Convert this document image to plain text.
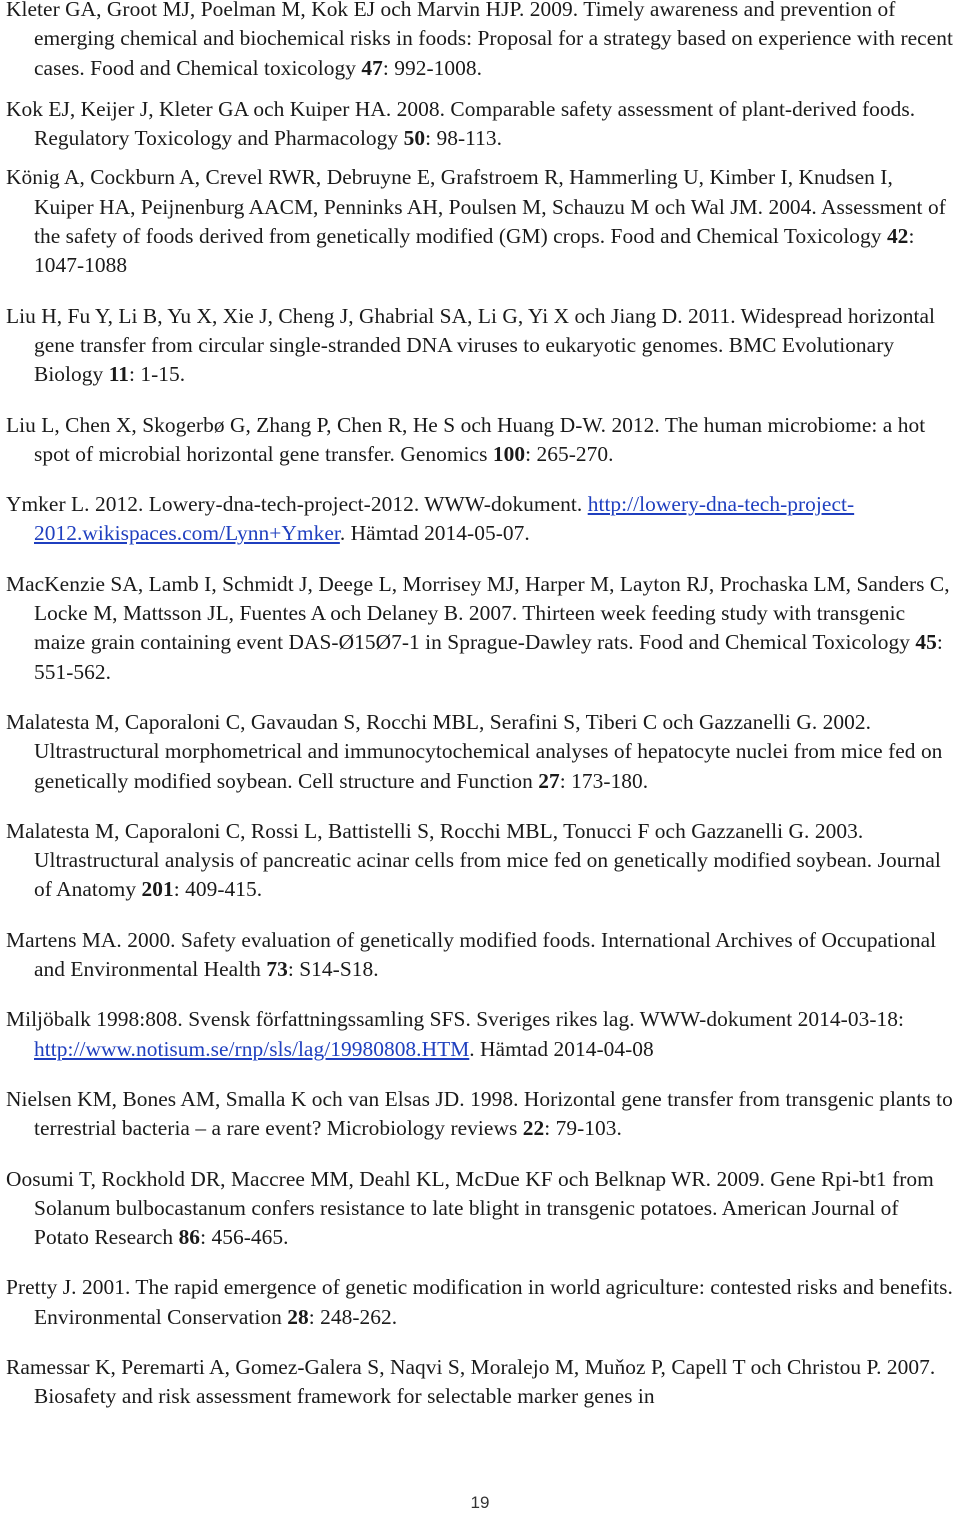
Kleter GA, Groot MJ, Poelman M, Kok EJ och Marvin HJP. 2009. Timely awareness and prevention of emerging chemical and biochemical risks in foods: Proposal for a strategy based on experience with recent cases. Food and Chemical toxicology 47: 992-1008.

Kok EJ, Keijer J, Kleter GA och Kuiper HA. 2008. Comparable safety assessment of plant-derived foods. Regulatory Toxicology and Pharmacology 50: 98-113.

König A, Cockburn A, Crevel RWR, Debruyne E, Grafstroem R, Hammerling U, Kimber I, Knudsen I, Kuiper HA, Peijnenburg AACM, Penninks AH, Poulsen M, Schauzu M och Wal JM. 2004. Assessment of the safety of foods derived from genetically modified (GM) crops. Food and Chemical Toxicology 42: 1047-1088

Liu H, Fu Y, Li B, Yu X, Xie J, Cheng J, Ghabrial SA, Li G, Yi X och Jiang D. 2011. Widespread horizontal gene transfer from circular single-stranded DNA viruses to eukaryotic genomes. BMC Evolutionary Biology 11: 1-15.

Liu L, Chen X, Skogerbø G, Zhang P, Chen R, He S och Huang D-W. 2012. The human microbiome: a hot spot of microbial horizontal gene transfer. Genomics 100: 265-270.

Ymker L. 2012. Lowery-dna-tech-project-2012. WWW-dokument. http://lowery-dna-tech-project-2012.wikispaces.com/Lynn+Ymker. Hämtad 2014-05-07.

MacKenzie SA, Lamb I, Schmidt J, Deege L, Morrisey MJ, Harper M, Layton RJ, Prochaska LM, Sanders C, Locke M, Mattsson JL, Fuentes A och Delaney B. 2007. Thirteen week feeding study with transgenic maize grain containing event DAS-Ø15Ø7-1 in Sprague-Dawley rats. Food and Chemical Toxicology 45: 551-562.

Malatesta M, Caporaloni C, Gavaudan S, Rocchi MBL, Serafini S, Tiberi C och Gazzanelli G. 2002. Ultrastructural morphometrical and immunocytochemical analyses of hepatocyte nuclei from mice fed on genetically modified soybean. Cell structure and Function 27: 173-180.

Malatesta M, Caporaloni C, Rossi L, Battistelli S, Rocchi MBL, Tonucci F och Gazzanelli G. 2003. Ultrastructural analysis of pancreatic acinar cells from mice fed on genetically modified soybean. Journal of Anatomy 201: 409-415.

Martens MA. 2000. Safety evaluation of genetically modified foods. International Archives of Occupational and Environmental Health 73: S14-S18.

Miljöbalk 1998:808. Svensk författningssamling SFS. Sveriges rikes lag. WWW-dokument 2014-03-18: http://www.notisum.se/rnp/sls/lag/19980808.HTM. Hämtad 2014-04-08

Nielsen KM, Bones AM, Smalla K och van Elsas JD. 1998. Horizontal gene transfer from transgenic plants to terrestrial bacteria – a rare event? Microbiology reviews 22: 79-103.

Oosumi T, Rockhold DR, Maccree MM, Deahl KL, McDue KF och Belknap WR. 2009. Gene Rpi-bt1 from Solanum bulbocastanum confers resistance to late blight in transgenic potatoes. American Journal of Potato Research 86: 456-465.

Pretty J. 2001. The rapid emergence of genetic modification in world agriculture: contested risks and benefits. Environmental Conservation 28: 248-262.

Ramessar K, Peremarti A, Gomez-Galera S, Naqvi S, Moralejo M, Muňoz P, Capell T och Christou P. 2007. Biosafety and risk assessment framework for selectable marker genes in

19
